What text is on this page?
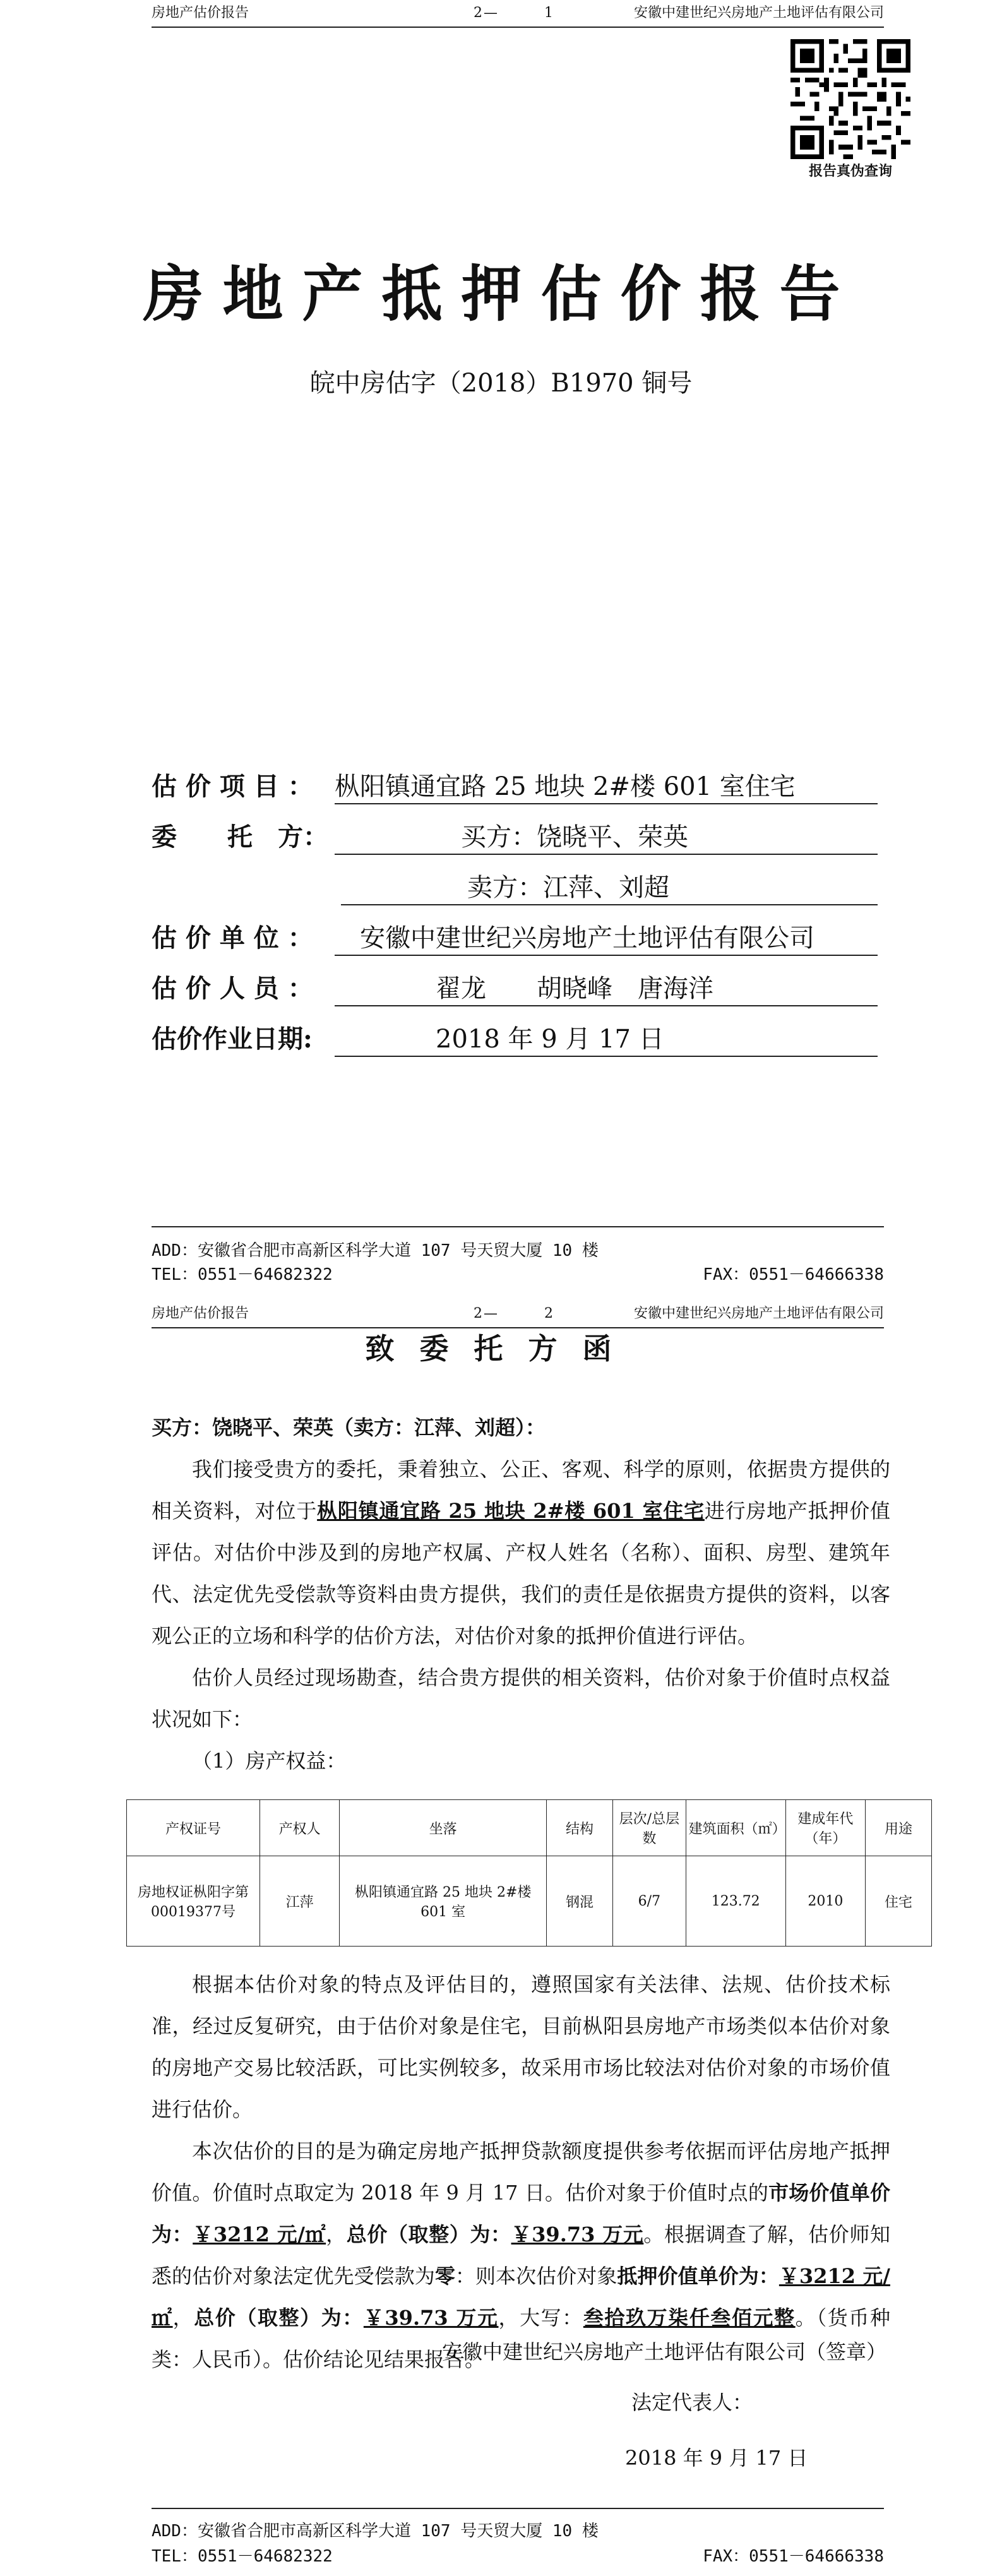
房地产估价报告	2—　　　1	安徽中建世纪兴房地产土地评估有限公司
报告真伪查询
房地产抵押估价报告
皖中房估字（2018）B1970 铜号
估 价 项 目 ： 枞阳镇通宜路 25 地块 2#楼 601 室住宅
委　　托　方： 　　　　　买方：饶晓平、荣英
　　　　　卖方：江萍、刘超
估 价 单 位 ： 　安徽中建世纪兴房地产土地评估有限公司
估 价 人 员 ： 　　　　翟龙　　胡晓峰　唐海洋
估价作业日期: 　　　　2018 年 9 月 17 日
ADD：安徽省合肥市高新区科学大道 107 号天贸大厦 10 楼
TEL：0551－64682322	FAX：0551－64666338
房地产估价报告	2—　　　2	安徽中建世纪兴房地产土地评估有限公司
致委托方函

买方：饶晓平、荣英（卖方：江萍、刘超）：

我们接受贵方的委托，秉着独立、公正、客观、科学的原则，依据贵方提供的相关资料，对位于枞阳镇通宜路 25 地块 2#楼 601 室住宅进行房地产抵押价值评估。对估价中涉及到的房地产权属、产权人姓名（名称）、面积、房型、建筑年代、法定优先受偿款等资料由贵方提供，我们的责任是依据贵方提供的资料，以客观公正的立场和科学的估价方法，对估价对象的抵押价值进行评估。

估价人员经过现场勘查，结合贵方提供的相关资料，估价对象于价值时点权益状况如下：

（1）房产权益：

产权证号	产权人	坐落	结构	层次/总层数	建筑面积（㎡）	建成年代（年）	用途
房地权证枞阳字第00019377号	江萍	枞阳镇通宜路 25 地块 2#楼 601 室	钢混	6/7	123.72	2010	住宅

根据本估价对象的特点及评估目的，遵照国家有关法律、法规、估价技术标准，经过反复研究，由于估价对象是住宅，目前枞阳县房地产市场类似本估价对象的房地产交易比较活跃，可比实例较多，故采用市场比较法对估价对象的市场价值进行估价。

本次估价的目的是为确定房地产抵押贷款额度提供参考依据而评估房地产抵押价值。价值时点取定为 2018 年 9 月 17 日。估价对象于价值时点的市场价值单价为：￥3212 元/㎡，总价（取整）为：￥39.73 万元。根据调查了解，估价师知悉的估价对象法定优先受偿款为零：则本次估价对象抵押价值单价为：￥3212 元/㎡，总价（取整）为：￥39.73 万元，大写：叁拾玖万柒仟叁佰元整。（货币种类：人民币）。估价结论见结果报告。

安徽中建世纪兴房地产土地评估有限公司（签章）
法定代表人：
2018 年 9 月 17 日
ADD：安徽省合肥市高新区科学大道 107 号天贸大厦 10 楼
TEL：0551－64682322	FAX：0551－64666338
